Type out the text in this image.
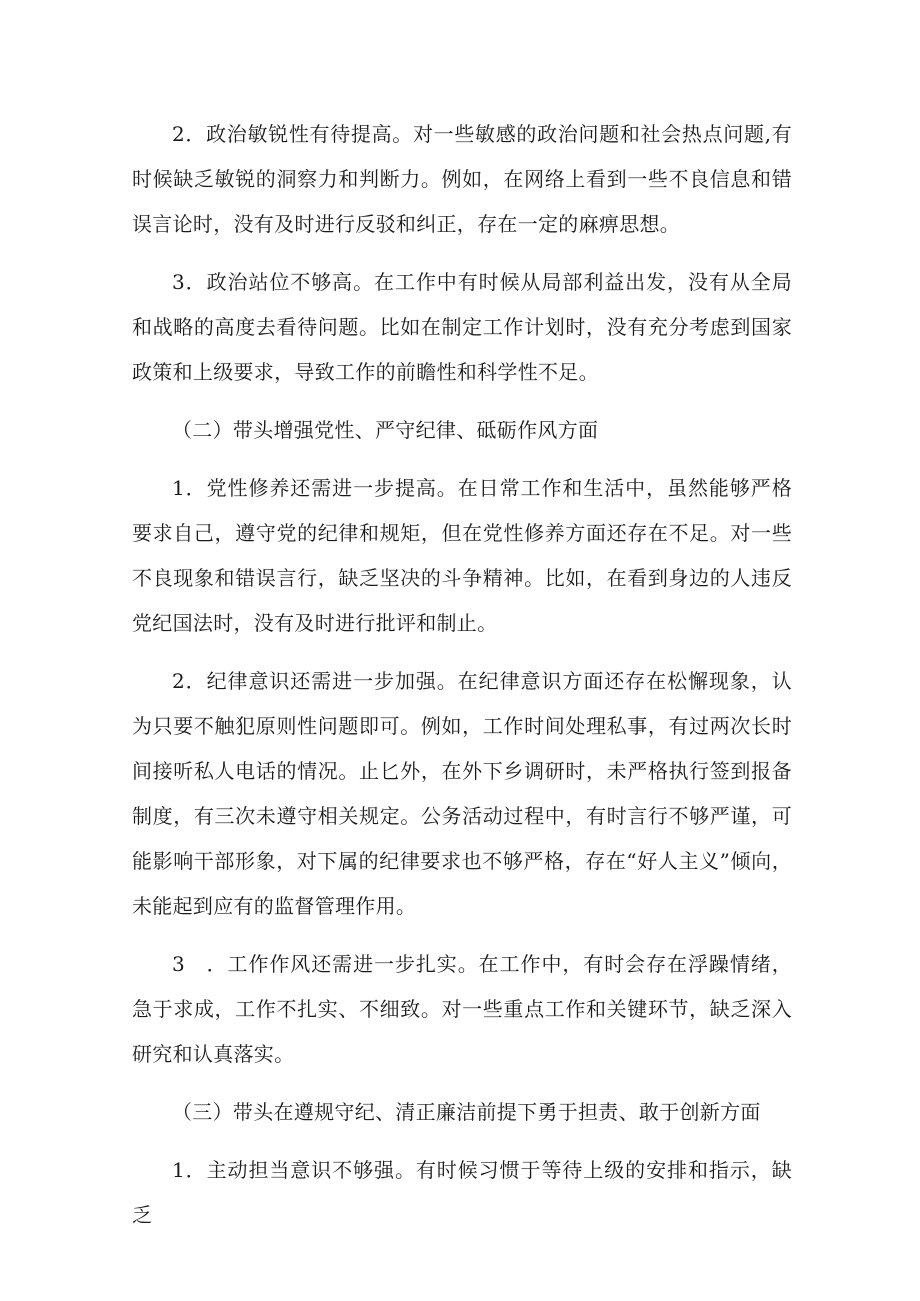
2．政治敏锐性有待提高。对一些敏感的政治问题和社会热点问题,有时候缺乏敏锐的洞察力和判断力。例如，在网络上看到一些不良信息和错误言论时，没有及时进行反驳和纠正，存在一定的麻痹思想。

3．政治站位不够高。在工作中有时候从局部利益出发，没有从全局和战略的高度去看待问题。比如在制定工作计划时，没有充分考虑到国家政策和上级要求，导致工作的前瞻性和科学性不足。

（二）带头增强党性、严守纪律、砥砺作风方面

1．党性修养还需进一步提高。在日常工作和生活中，虽然能够严格要求自己，遵守党的纪律和规矩，但在党性修养方面还存在不足。对一些不良现象和错误言行，缺乏坚决的斗争精神。比如，在看到身边的人违反党纪国法时，没有及时进行批评和制止。

2．纪律意识还需进一步加强。在纪律意识方面还存在松懈现象，认为只要不触犯原则性问题即可。例如，工作时间处理私事，有过两次长时间接听私人电话的情况。止匕外，在外下乡调研时，未严格执行签到报备制度，有三次未遵守相关规定。公务活动过程中，有时言行不够严谨，可能影响干部形象，对下属的纪律要求也不够严格，存在“好人主义”倾向，未能起到应有的监督管理作用。

3　．工作作风还需进一步扎实。在工作中，有时会存在浮躁情绪，急于求成，工作不扎实、不细致。对一些重点工作和关键环节，缺乏深入研究和认真落实。

（三）带头在遵规守纪、清正廉洁前提下勇于担责、敢于创新方面

1．主动担当意识不够强。有时候习惯于等待上级的安排和指示，缺乏
